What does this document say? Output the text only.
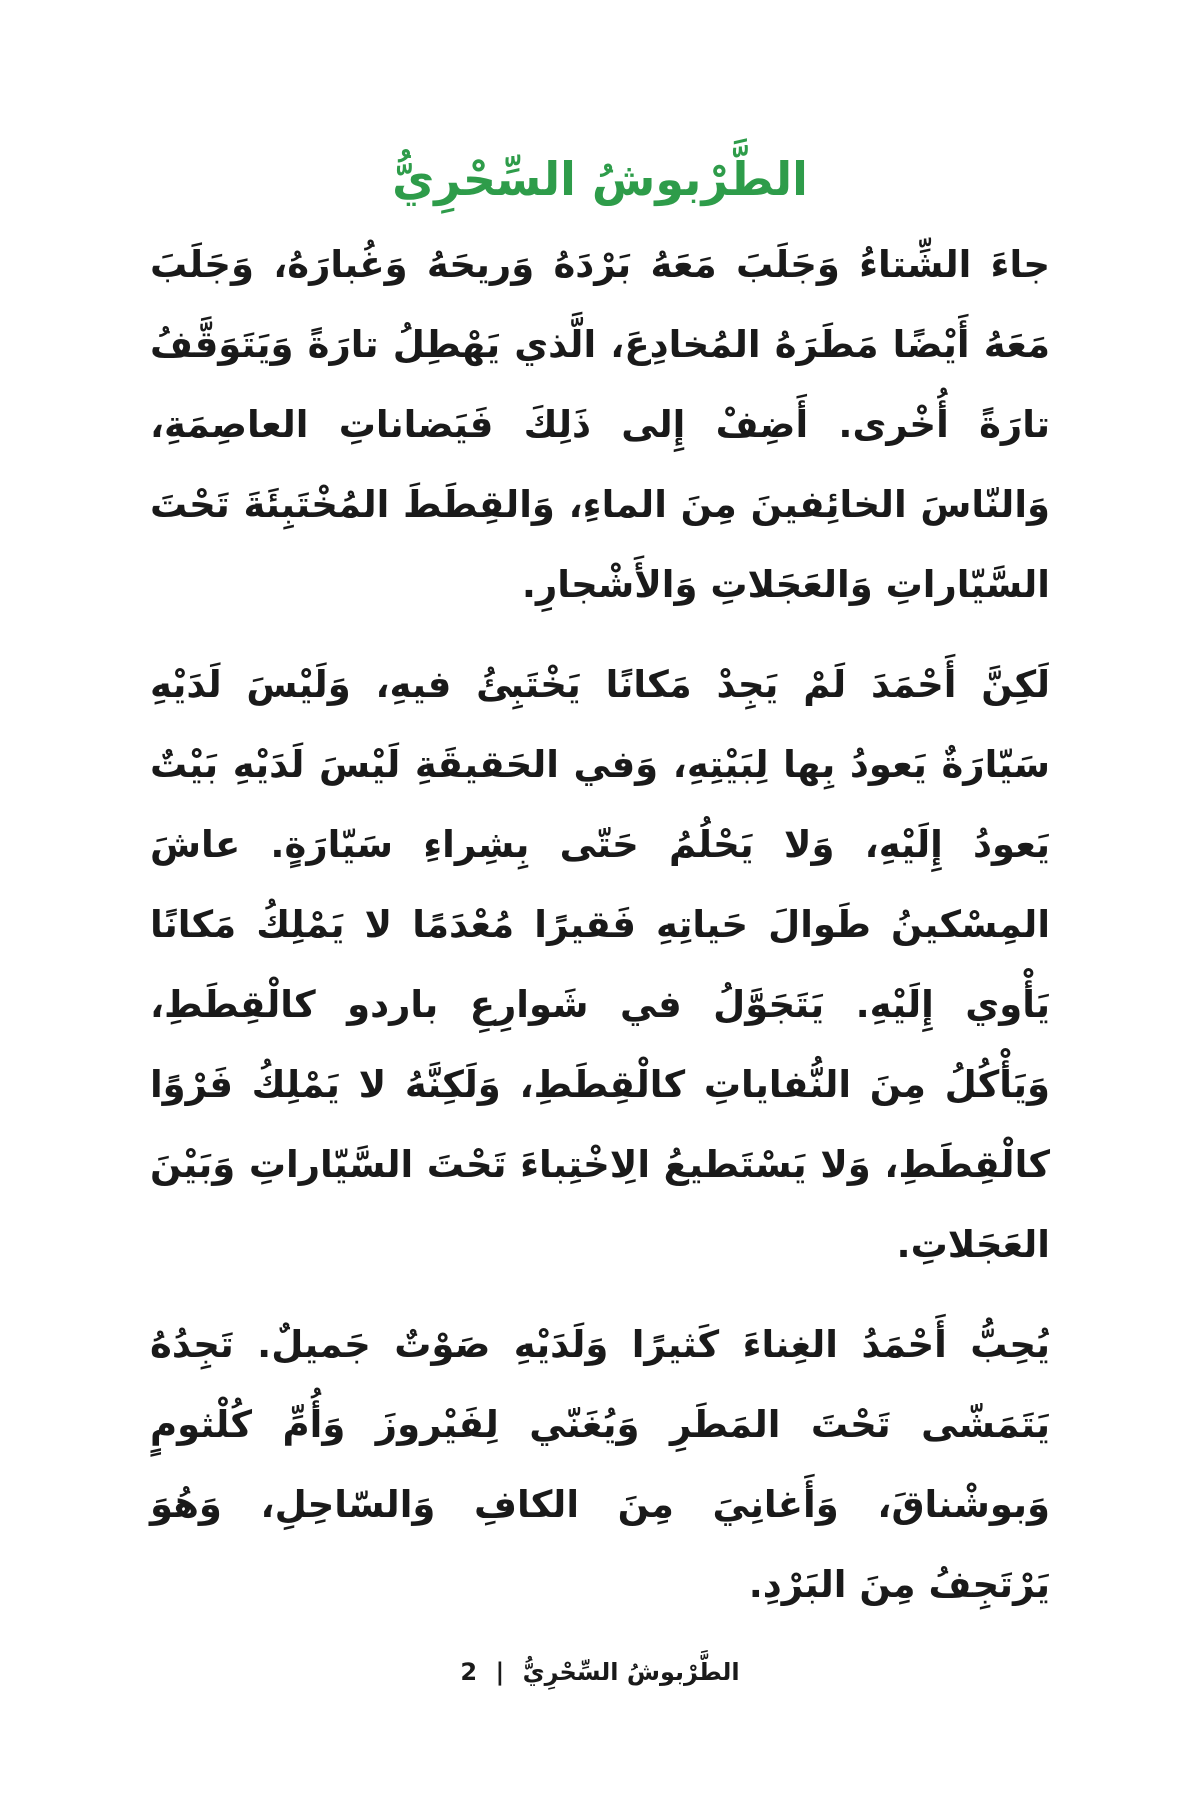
الطَّرْبوشُ السِّحْرِيُّ

جاءَ الشِّتاءُ وَجَلَبَ مَعَهُ بَرْدَهُ وَريحَهُ وَغُبارَهُ، وَجَلَبَ مَعَهُ أَيْضًا مَطَرَهُ المُخادِعَ، الَّذي يَهْطِلُ تارَةً وَيَتَوَقَّفُ تارَةً أُخْرى. أَضِفْ إِلى ذَلِكَ فَيَضاناتِ العاصِمَةِ، وَالنّاسَ الخائِفينَ مِنَ الماءِ، وَالقِطَطَ المُخْتَبِئَةَ تَحْتَ السَّيّاراتِ وَالعَجَلاتِ وَالأَشْجارِ.

لَكِنَّ أَحْمَدَ لَمْ يَجِدْ مَكانًا يَخْتَبِئُ فيهِ، وَلَيْسَ لَدَيْهِ سَيّارَةٌ يَعودُ بِها لِبَيْتِهِ، وَفي الحَقيقَةِ لَيْسَ لَدَيْهِ بَيْتٌ يَعودُ إِلَيْهِ، وَلا يَحْلُمُ حَتّى بِشِراءِ سَيّارَةٍ. عاشَ المِسْكينُ طَوالَ حَياتِهِ فَقيرًا مُعْدَمًا لا يَمْلِكُ مَكانًا يَأْوي إِلَيْهِ. يَتَجَوَّلُ في شَوارِعِ باردو كالْقِطَطِ، وَيَأْكُلُ مِنَ النُّفاياتِ كالْقِطَطِ، وَلَكِنَّهُ لا يَمْلِكُ فَرْوًا كالْقِطَطِ، وَلا يَسْتَطيعُ الِاخْتِباءَ تَحْتَ السَّيّاراتِ وَبَيْنَ العَجَلاتِ.

يُحِبُّ أَحْمَدُ الغِناءَ كَثيرًا وَلَدَيْهِ صَوْتٌ جَميلٌ. تَجِدُهُ يَتَمَشّى تَحْتَ المَطَرِ وَيُغَنّي لِفَيْروزَ وَأُمِّ كُلْثومٍ وَبوشْناقَ، وَأَغانِيَ مِنَ الكافِ وَالسّاحِلِ، وَهُوَ يَرْتَجِفُ مِنَ البَرْدِ.

الطَّرْبوشُ السِّحْرِيُّ | 2
